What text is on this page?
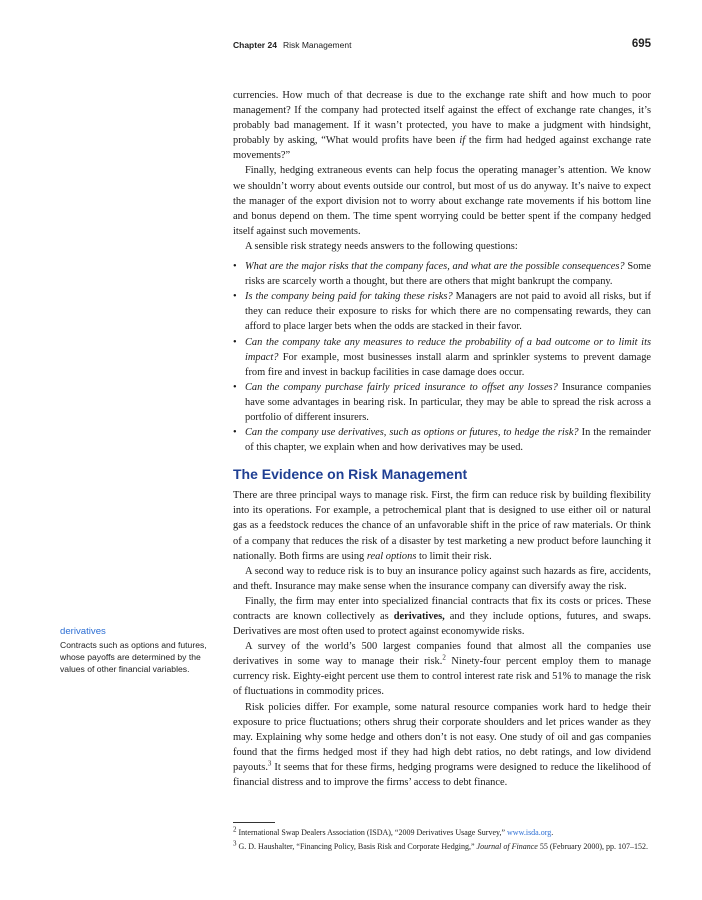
Chapter 24 Risk Management	695

currencies. How much of that decrease is due to the exchange rate shift and how much to poor management? If the company had protected itself against the effect of exchange rate changes, it’s probably bad management. If it wasn’t protected, you have to make a judgment with hindsight, probably by asking, “What would profits have been if the firm had hedged against exchange rate movements?”

Finally, hedging extraneous events can help focus the operating manager’s attention. We know we shouldn’t worry about events outside our control, but most of us do anyway. It’s naive to expect the manager of the export division not to worry about exchange rate movements if his bottom line and bonus depend on them. The time spent worrying could be better spent if the company hedged itself against such movements.

A sensible risk strategy needs answers to the following questions:

• What are the major risks that the company faces, and what are the possible consequences? Some risks are scarcely worth a thought, but there are others that might bankrupt the company.
• Is the company being paid for taking these risks? Managers are not paid to avoid all risks, but if they can reduce their exposure to risks for which there are no compensating rewards, they can afford to place larger bets when the odds are stacked in their favor.
• Can the company take any measures to reduce the probability of a bad outcome or to limit its impact? For example, most businesses install alarm and sprinkler systems to prevent damage from fire and invest in backup facilities in case damage does occur.
• Can the company purchase fairly priced insurance to offset any losses? Insurance companies have some advantages in bearing risk. In particular, they may be able to spread the risk across a portfolio of different insurers.
• Can the company use derivatives, such as options or futures, to hedge the risk? In the remainder of this chapter, we explain when and how derivatives may be used.
The Evidence on Risk Management

There are three principal ways to manage risk. First, the firm can reduce risk by building flexibility into its operations. For example, a petrochemical plant that is designed to use either oil or natural gas as a feedstock reduces the chance of an unfavorable shift in the price of raw materials. Or think of a company that reduces the risk of a disaster by test marketing a new product before launching it nationally. Both firms are using real options to limit their risk.

A second way to reduce risk is to buy an insurance policy against such hazards as fire, accidents, and theft. Insurance may make sense when the insurance company can diversify away the risk.

Finally, the firm may enter into specialized financial contracts that fix its costs or prices. These contracts are known collectively as derivatives, and they include options, futures, and swaps. Derivatives are most often used to protect against economywide risks.

A survey of the world’s 500 largest companies found that almost all the companies use derivatives in some way to manage their risk.$^2$ Ninety-four percent employ them to manage currency risk. Eighty-eight percent use them to control interest rate risk and 51% to manage the risk of fluctuations in commodity prices.

Risk policies differ. For example, some natural resource companies work hard to hedge their exposure to price fluctuations; others shrug their corporate shoulders and let prices wander as they may. Explaining why some hedge and others don’t is not easy. One study of oil and gas companies found that the firms hedged most if they had high debt ratios, no debt ratings, and low dividend payouts.$^3$ It seems that for these firms, hedging programs were designed to reduce the likelihood of financial distress and to improve the firms’ access to debt finance.

derivatives
Contracts such as options and futures, whose payoffs are determined by the values of other financial variables.

$^2$ International Swap Dealers Association (ISDA), “2009 Derivatives Usage Survey,” www.isda.org.

$^3$ G. D. Haushalter, “Financing Policy, Basis Risk and Corporate Hedging,” Journal of Finance 55 (February 2000), pp. 107–152.
